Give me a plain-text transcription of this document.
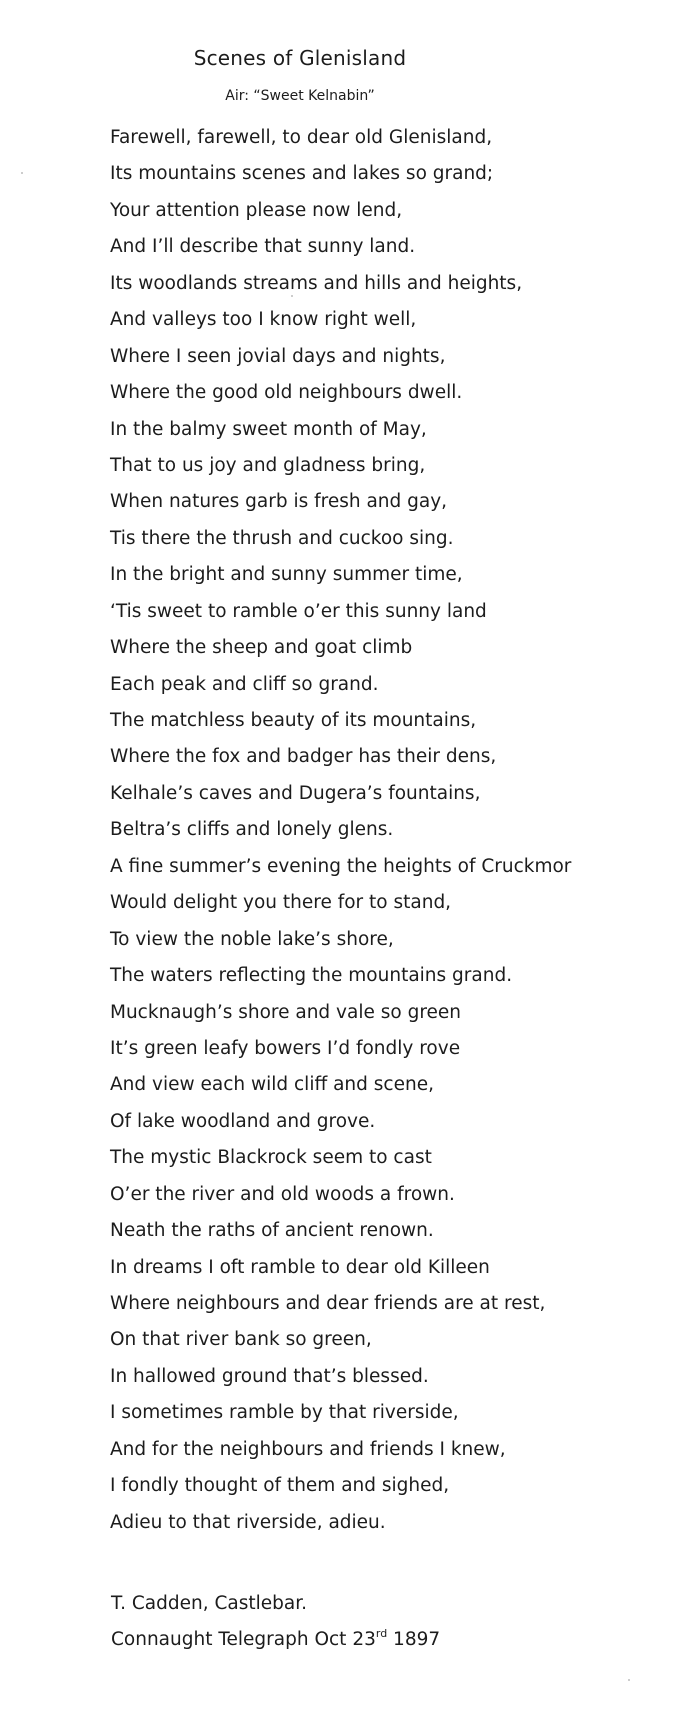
Scenes of Glenisland
Air: “Sweet Kelnabin”
Farewell, farewell, to dear old Glenisland,
Its mountains scenes and lakes so grand;
Your attention please now lend,
And I’ll describe that sunny land.
Its woodlands streams and hills and heights,
And valleys too I know right well,
Where I seen jovial days and nights,
Where the good old neighbours dwell.
In the balmy sweet month of May,
That to us joy and gladness bring,
When natures garb is fresh and gay,
Tis there the thrush and cuckoo sing.
In the bright and sunny summer time,
‘Tis sweet to ramble o’er this sunny land
Where the sheep and goat climb
Each peak and cliff so grand.
The matchless beauty of its mountains,
Where the fox and badger has their dens,
Kelhale’s caves and Dugera’s fountains,
Beltra’s cliffs and lonely glens.
A fine summer’s evening the heights of Cruckmor
Would delight you there for to stand,
To view the noble lake’s shore,
The waters reflecting the mountains grand.
Mucknaugh’s shore and vale so green
It’s green leafy bowers I’d fondly rove
And view each wild cliff and scene,
Of lake woodland and grove.
The mystic Blackrock seem to cast
O’er the river and old woods a frown.
Neath the raths of ancient renown.
In dreams I oft ramble to dear old Killeen
Where neighbours and dear friends are at rest,
On that river bank so green,
In hallowed ground that’s blessed.
I sometimes ramble by that riverside,
And for the neighbours and friends I knew,
I fondly thought of them and sighed,
Adieu to that riverside, adieu.
T. Cadden, Castlebar.
Connaught Telegraph Oct 23rd 1897
